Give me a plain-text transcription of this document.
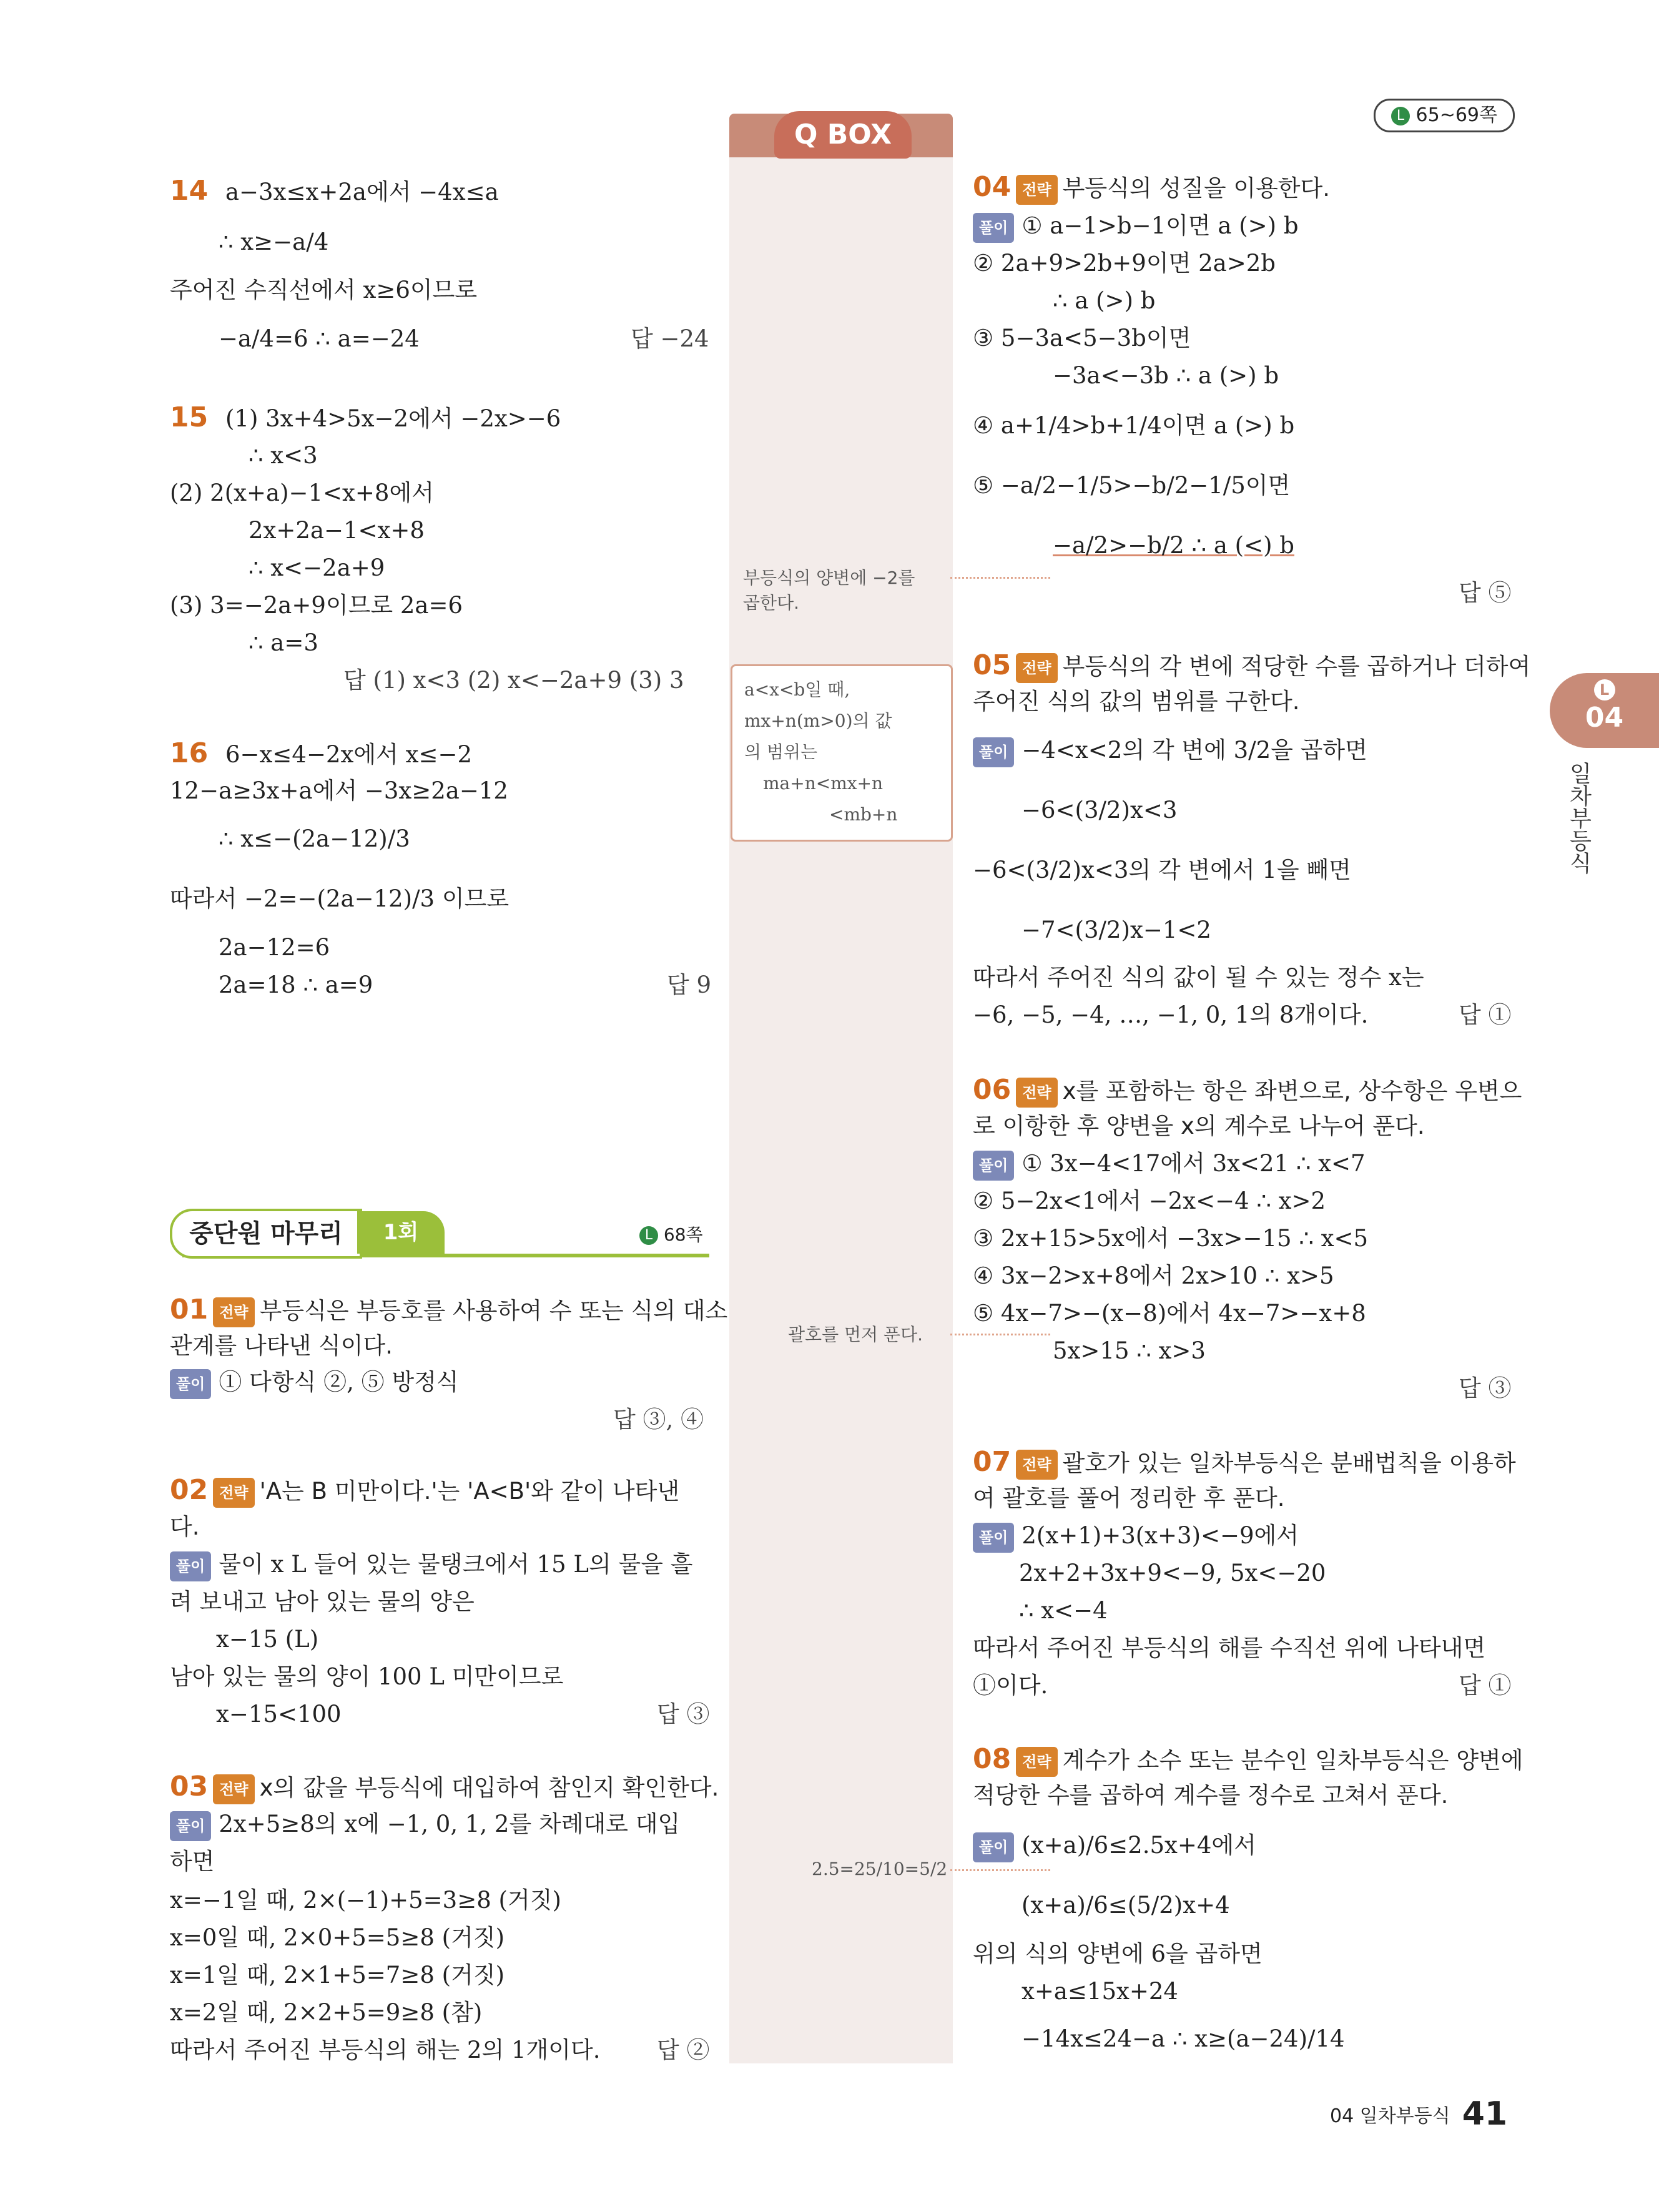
Q BOX
L 65~69쪽
L
04
일차부등식
14 a−3x≤x+2a에서 −4x≤a
∴ x≥−a/4
주어진 수직선에서 x≥6이므로
−a/4=6 ∴ a=−24	답 −24
15 (1) 3x+4>5x−2에서 −2x>−6
∴ x<3
(2) 2(x+a)−1<x+8에서
2x+2a−1<x+8
∴ x<−2a+9
(3) 3=−2a+9이므로 2a=6
∴ a=3
답 (1) x<3 (2) x<−2a+9 (3) 3
16 6−x≤4−2x에서 x≤−2
12−a≥3x+a에서 −3x≥2a−12
∴ x≤−(2a−12)/3
따라서 −2=−(2a−12)/3 이므로
2a−12=6
2a=18 ∴ a=9	답 9
중단원 마무리	1회	L 68쪽
01 전략 부등식은 부등호를 사용하여 수 또는 식의 대소
관계를 나타낸 식이다.
풀이 ① 다항식 ②, ⑤ 방정식
답 ③, ④
02 전략 'A는 B 미만이다.'는 'A<B'와 같이 나타낸
다.
풀이 물이 x L 들어 있는 물탱크에서 15 L의 물을 흘
려 보내고 남아 있는 물의 양은
x−15 (L)
남아 있는 물의 양이 100 L 미만이므로
x−15<100	답 ③
03 전략 x의 값을 부등식에 대입하여 참인지 확인한다.
풀이 2x+5≥8의 x에 −1, 0, 1, 2를 차례대로 대입
하면
x=−1일 때, 2×(−1)+5=3≥8 (거짓)
x=0일 때, 2×0+5=5≥8 (거짓)
x=1일 때, 2×1+5=7≥8 (거짓)
x=2일 때, 2×2+5=9≥8 (참)
따라서 주어진 부등식의 해는 2의 1개이다. 답 ②
부등식의 양변에 −2를
곱한다.
a<x<b일 때,
mx+n(m>0)의 값
의 범위는
ma+n<mx+n
<mb+n
괄호를 먼저 푼다.
2.5=25/10=5/2
04 전략 부등식의 성질을 이용한다.
풀이 ① a−1>b−1이면 a (>) b
② 2a+9>2b+9이면 2a>2b
∴ a (>) b
③ 5−3a<5−3b이면
−3a<−3b ∴ a (>) b
④ a+1/4>b+1/4이면 a (>) b
⑤ −a/2−1/5>−b/2−1/5이면
−a/2>−b/2 ∴ a (<) b
답 ⑤
05 전략 부등식의 각 변에 적당한 수를 곱하거나 더하여
주어진 식의 값의 범위를 구한다.
풀이 −4<x<2의 각 변에 3/2을 곱하면
−6<(3/2)x<3
−6<(3/2)x<3의 각 변에서 1을 빼면
−7<(3/2)x−1<2
따라서 주어진 식의 값이 될 수 있는 정수 x는
−6, −5, −4, …, −1, 0, 1의 8개이다.	답 ①
06 전략 x를 포함하는 항은 좌변으로, 상수항은 우변으
로 이항한 후 양변을 x의 계수로 나누어 푼다.
풀이 ① 3x−4<17에서 3x<21 ∴ x<7
② 5−2x<1에서 −2x<−4 ∴ x>2
③ 2x+15>5x에서 −3x>−15 ∴ x<5
④ 3x−2>x+8에서 2x>10 ∴ x>5
⑤ 4x−7>−(x−8)에서 4x−7>−x+8
5x>15 ∴ x>3
답 ③
07 전략 괄호가 있는 일차부등식은 분배법칙을 이용하
여 괄호를 풀어 정리한 후 푼다.
풀이 2(x+1)+3(x+3)<−9에서
2x+2+3x+9<−9, 5x<−20
∴ x<−4
따라서 주어진 부등식의 해를 수직선 위에 나타내면
①이다.	답 ①
08 전략 계수가 소수 또는 분수인 일차부등식은 양변에
적당한 수를 곱하여 계수를 정수로 고쳐서 푼다.
풀이 (x+a)/6≤2.5x+4에서
(x+a)/6≤(5/2)x+4
위의 식의 양변에 6을 곱하면
x+a≤15x+24
−14x≤24−a ∴ x≥(a−24)/14
04 일차부등식 41
